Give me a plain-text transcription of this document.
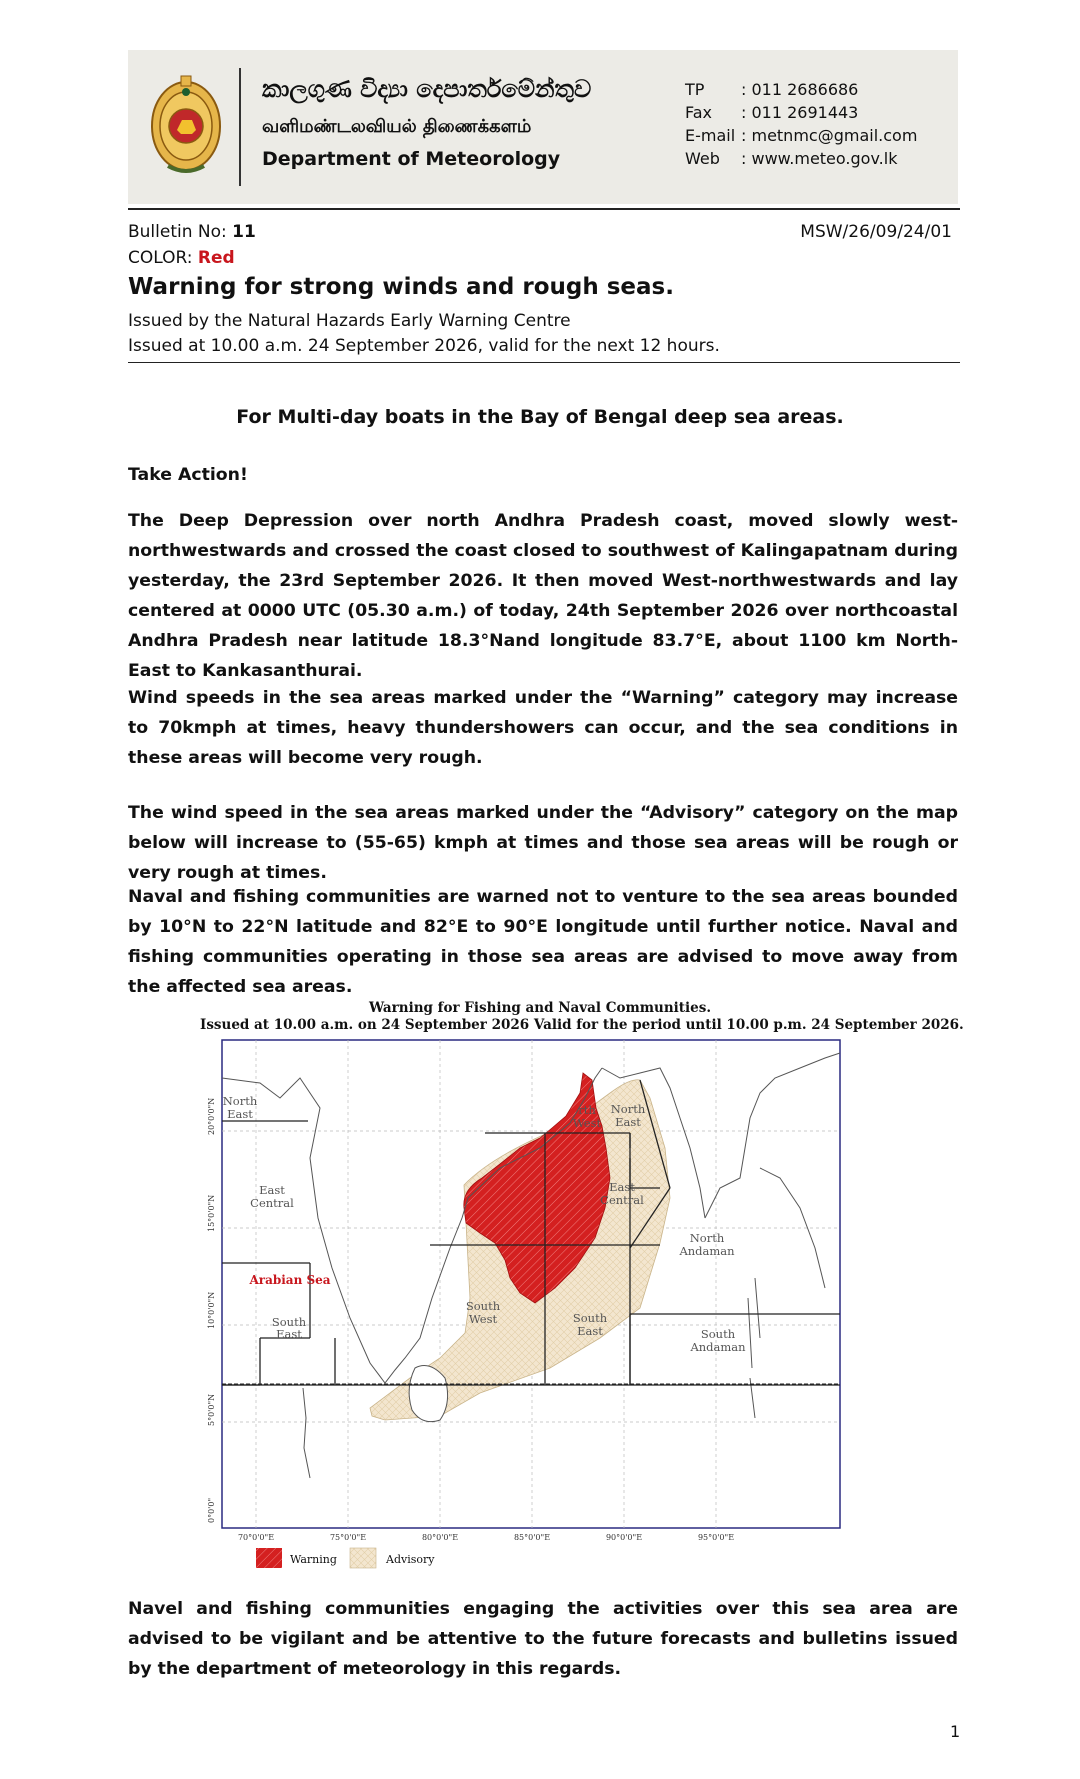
කාලගුණ විද්‍යා දෙපාර්තමේන්තුව
வளிமண்டலவியல் திணைக்களம்
Department of Meteorology
TP : 011 2686686
Fax : 011 2691443
E-mail : metnmc@gmail.com
Web : www.meteo.gov.lk
Bulletin No: 11	MSW/26/09/24/01
COLOR: Red
Warning for strong winds and rough seas.
Issued by the Natural Hazards Early Warning Centre
Issued at 10.00 a.m. 24 September 2026, valid for the next 12 hours.
For Multi-day boats in the Bay of Bengal deep sea areas.
Take Action!
The Deep Depression over north Andhra Pradesh coast, moved slowly west-northwestwards and crossed the coast closed to southwest of Kalingapatnam during yesterday, the 23rd September 2026. It then moved West-northwestwards and lay centered at 0000 UTC (05.30 a.m.) of today, 24th September 2026 over northcoastal Andhra Pradesh near latitude 18.3°Nand longitude 83.7°E, about 1100 km North-East to Kankasanthurai.
Wind speeds in the sea areas marked under the “Warning” category may increase to 70kmph at times, heavy thundershowers can occur, and the sea conditions in these areas will become very rough.
The wind speed in the sea areas marked under the “Advisory” category on the map below will increase to (55-65) kmph at times and those sea areas will be rough or very rough at times.
Naval and fishing communities are warned not to venture to the sea areas bounded by 10°N to 22°N latitude and 82°E to 90°E longitude until further notice. Naval and fishing communities operating in those sea areas are advised to move away from the affected sea areas.
Warning for Fishing and Naval Communities.
Issued at 10.00 a.m. on 24 September 2026 Valid for the period until 10.00 p.m. 24 September 2026.
North
East
East
Central
South
East
rth
West
North
East
East
Central
South
West	South
East
North
Andaman
South
Andaman
Arabian Sea
20°0'0"N
15°0'0"N
10°0'0"N
5°0'0"N
0°0'0"
70°0'0"E	75°0'0"E	80°0'0"E	85°0'0"E	90°0'0"E	95°0'0"E
Warning	Advisory
Navel and fishing communities engaging the activities over this sea area are advised to be vigilant and be attentive to the future forecasts and bulletins issued by the department of meteorology in this regards.
1
